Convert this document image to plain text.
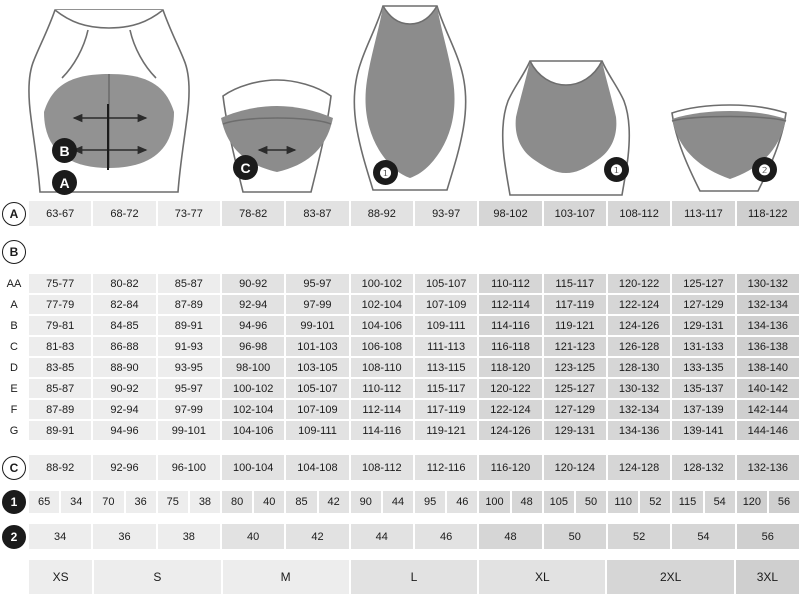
B
A
C	❶	❶	❷
A	63-67	68-72	73-77	78-82	83-87	88-92	93-97	98-102	103-107	108-112	113-117	118-122
B
AA	75-77	80-82	85-87	90-92	95-97	100-102	105-107	110-112	115-117	120-122	125-127	130-132
A	77-79	82-84	87-89	92-94	97-99	102-104	107-109	112-114	117-119	122-124	127-129	132-134
B	79-81	84-85	89-91	94-96	99-101	104-106	109-111	114-116	119-121	124-126	129-131	134-136
C	81-83	86-88	91-93	96-98	101-103	106-108	111-113	116-118	121-123	126-128	131-133	136-138
D	83-85	88-90	93-95	98-100	103-105	108-110	113-115	118-120	123-125	128-130	133-135	138-140
E	85-87	90-92	95-97	100-102	105-107	110-112	115-117	120-122	125-127	130-132	135-137	140-142
F	87-89	92-94	97-99	102-104	107-109	112-114	117-119	122-124	127-129	132-134	137-139	142-144
G	89-91	94-96	99-101	104-106	109-111	114-116	119-121	124-126	129-131	134-136	139-141	144-146
C	88-92	92-96	96-100	100-104	104-108	108-112	112-116	116-120	120-124	124-128	128-132	132-136
1	65	34	70	36	75	38	80	40	85	42	90	44	95	46	100	48	105	50	110	52	115	54	120	56
2	34	36	38	40	42	44	46	48	50	52	54	56
XS	S	M	L	XL	2XL	3XL
